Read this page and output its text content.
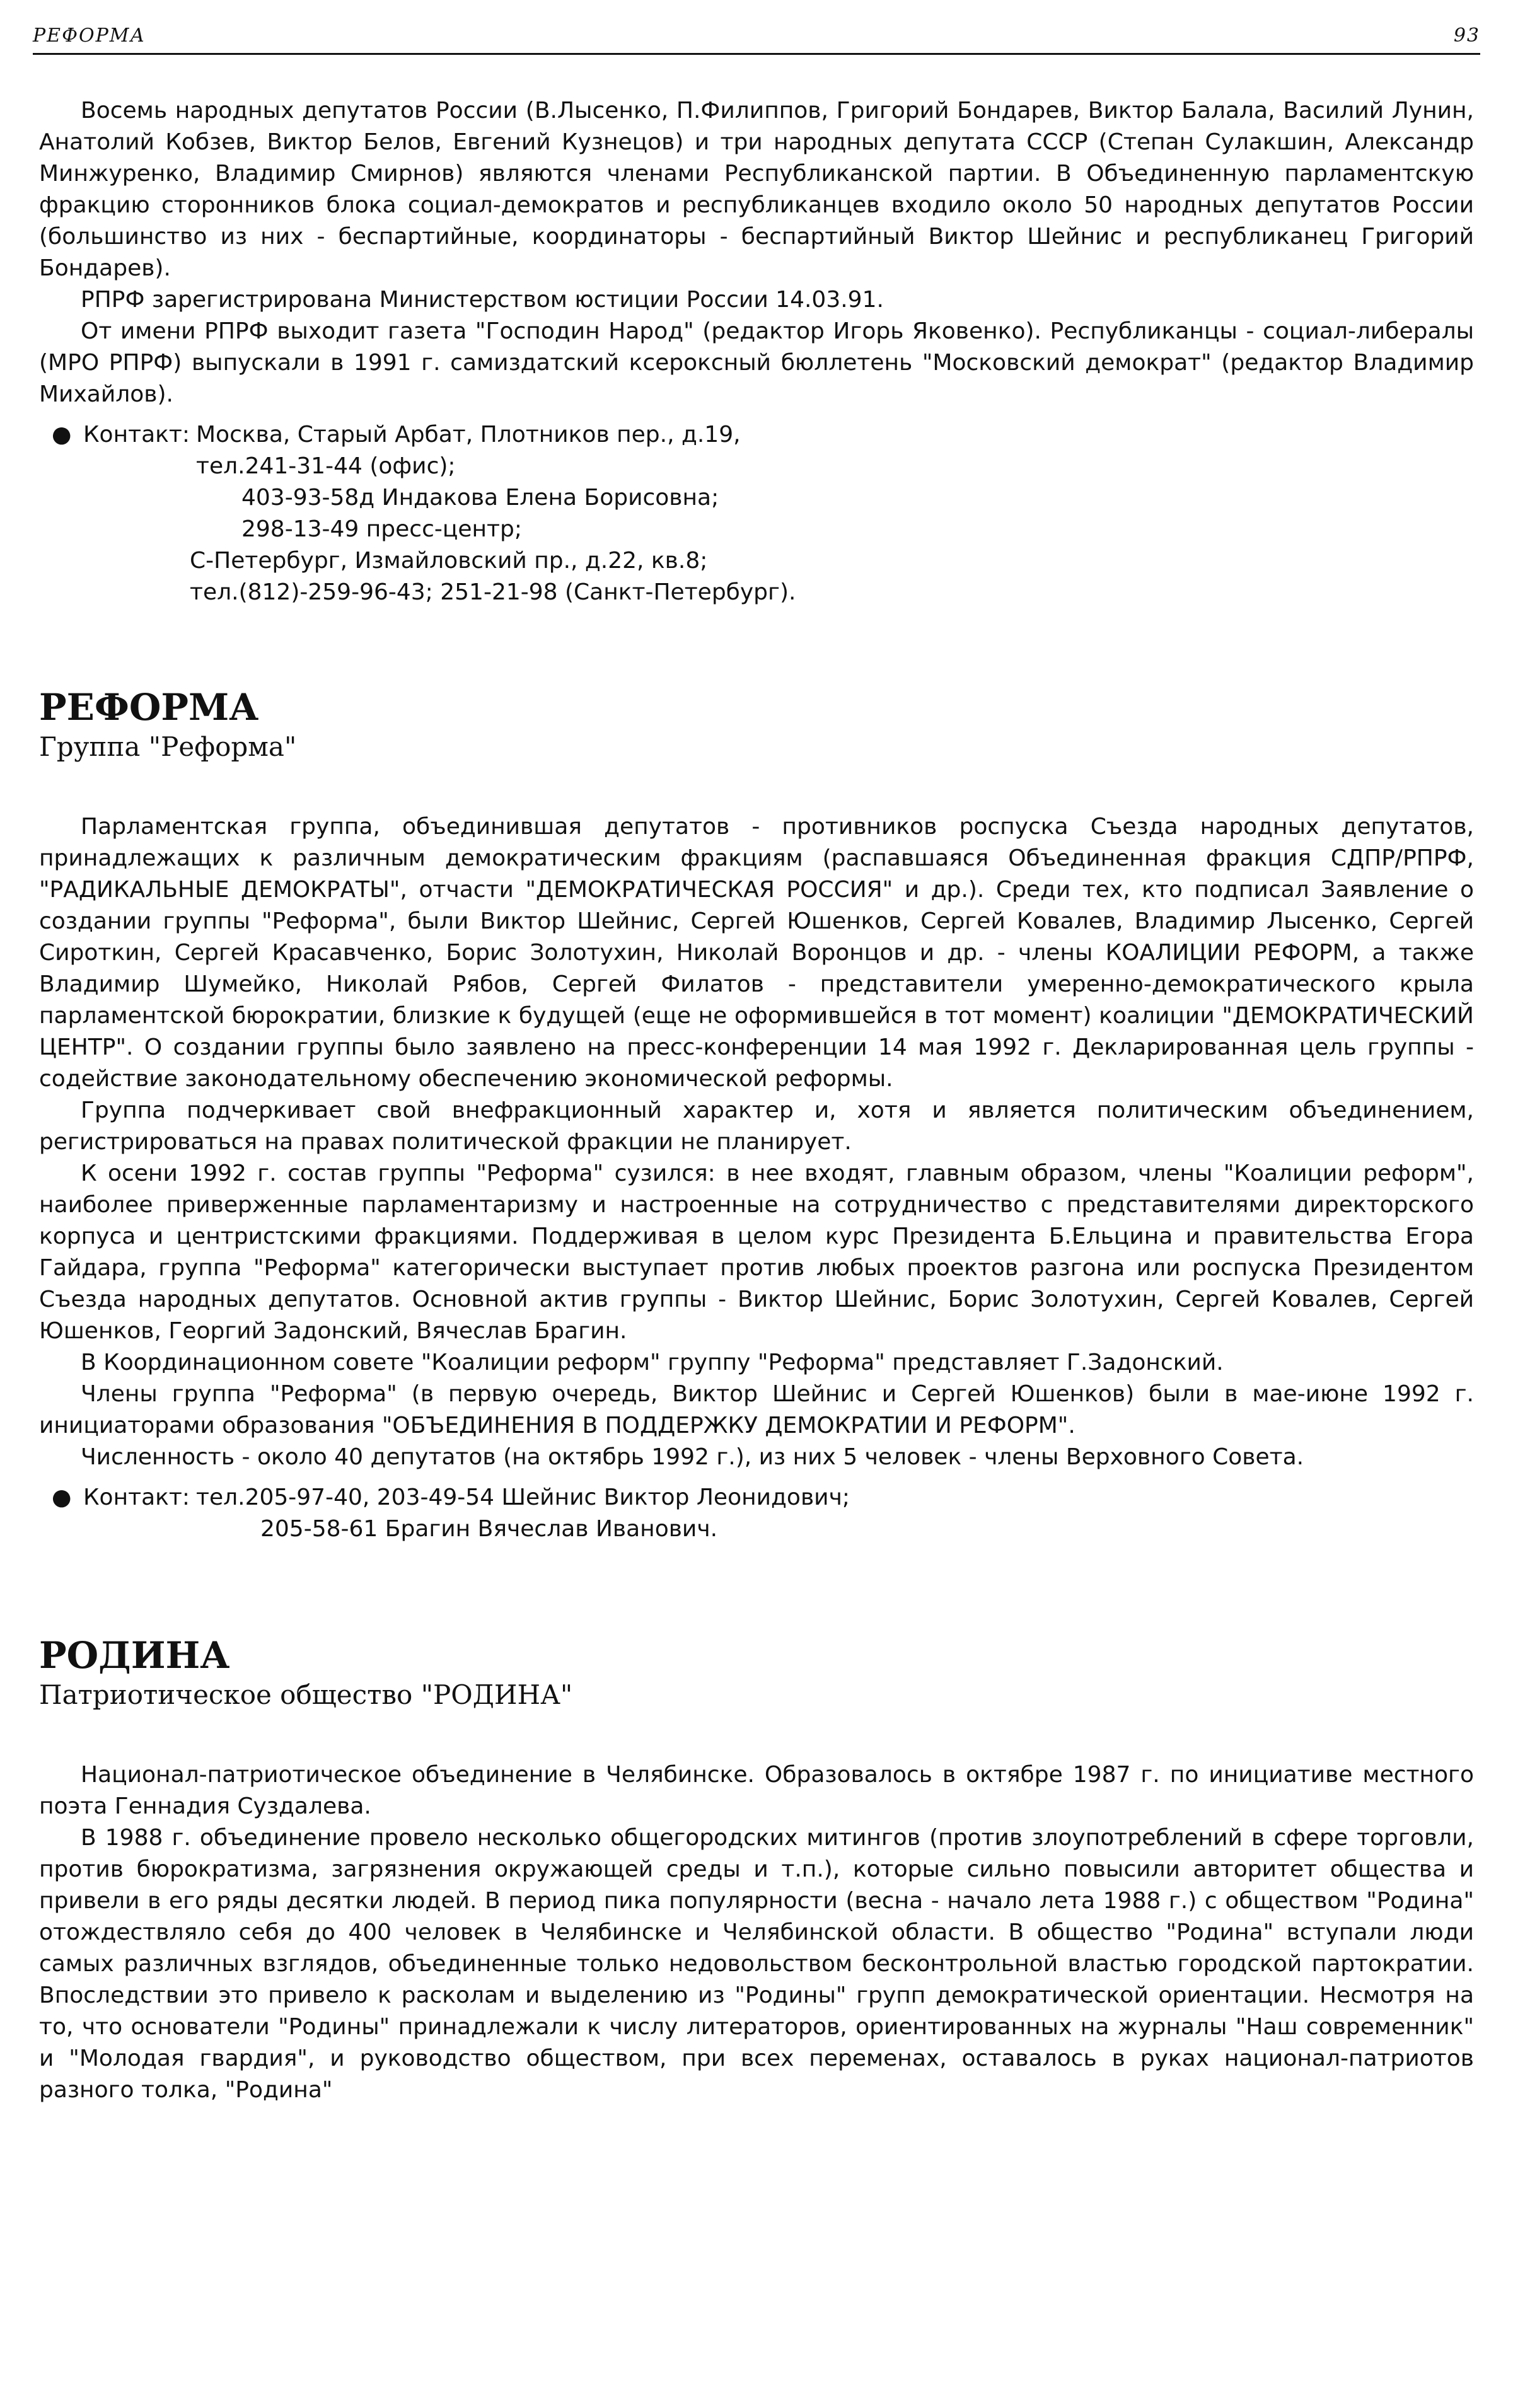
РЕФОРМА	93

Восемь народных депутатов России (В.Лысенко, П.Филиппов, Григорий Бондарев, Виктор Балала, Василий Лунин, Анатолий Кобзев, Виктор Белов, Евгений Кузнецов) и три народных депутата СССР (Степан Сулакшин, Александр Минжуренко, Владимир Смирнов) являются членами Республиканской партии. В Объединенную парламентскую фракцию сторонников блока социал-демократов и республиканцев входило около 50 народных депутатов России (большинство из них - беспартийные, координаторы - беспартийный Виктор Шейнис и республиканец Григорий Бондарев).

РПРФ зарегистрирована Министерством юстиции России 14.03.91.

От имени РПРФ выходит газета "Господин Народ" (редактор Игорь Яковенко). Республиканцы - социал-либералы (МРО РПРФ) выпускали в 1991 г. самиздатский ксероксный бюллетень "Московский демократ" (редактор Владимир Михайлов).

● Контакт: Москва, Старый Арбат, Плотников пер., д.19,
тел.241-31-44 (офис);
403-93-58д Индакова Елена Борисовна;
298-13-49 пресс-центр;
С-Петербург, Измайловский пр., д.22, кв.8;
тел.(812)-259-96-43; 251-21-98 (Санкт-Петербург).
РЕФОРМА
Группа "Реформа"

Парламентская группа, объединившая депутатов - противников роспуска Съезда народных депутатов, принадлежащих к различным демократическим фракциям (распавшаяся Объединенная фракция СДПР/РПРФ, "РАДИКАЛЬНЫЕ ДЕМОКРАТЫ", отчасти "ДЕМОКРАТИЧЕСКАЯ РОССИЯ" и др.). Среди тех, кто подписал Заявление о создании группы "Реформа", были Виктор Шейнис, Сергей Юшенков, Сергей Ковалев, Владимир Лысенко, Сергей Сироткин, Сергей Красавченко, Борис Золотухин, Николай Воронцов и др. - члены КОАЛИЦИИ РЕФОРМ, а также Владимир Шумейко, Николай Рябов, Сергей Филатов - представители умеренно-демократического крыла парламентской бюрократии, близкие к будущей (еще не оформившейся в тот момент) коалиции "ДЕМОКРАТИЧЕСКИЙ ЦЕНТР". О создании группы было заявлено на пресс-конференции 14 мая 1992 г. Декларированная цель группы - содействие законодательному обеспечению экономической реформы.

Группа подчеркивает свой внефракционный характер и, хотя и является политическим объединением, регистрироваться на правах политической фракции не планирует.

К осени 1992 г. состав группы "Реформа" сузился: в нее входят, главным образом, члены "Коалиции реформ", наиболее приверженные парламентаризму и настроенные на сотрудничество с представителями директорского корпуса и центристскими фракциями. Поддерживая в целом курс Президента Б.Ельцина и правительства Егора Гайдара, группа "Реформа" категорически выступает против любых проектов разгона или роспуска Президентом Съезда народных депутатов. Основной актив группы - Виктор Шейнис, Борис Золотухин, Сергей Ковалев, Сергей Юшенков, Георгий Задонский, Вячеслав Брагин.

В Координационном совете "Коалиции реформ" группу "Реформа" представляет Г.Задонский.

Члены группа "Реформа" (в первую очередь, Виктор Шейнис и Сергей Юшенков) были в мае-июне 1992 г. инициаторами образования "ОБЪЕДИНЕНИЯ В ПОДДЕРЖКУ ДЕМОКРАТИИ И РЕФОРМ".

Численность - около 40 депутатов (на октябрь 1992 г.), из них 5 человек - члены Верховного Совета.

● Контакт: тел.205-97-40, 203-49-54 Шейнис Виктор Леонидович;
205-58-61 Брагин Вячеслав Иванович.
РОДИНА
Патриотическое общество "РОДИНА"

Национал-патриотическое объединение в Челябинске. Образовалось в октябре 1987 г. по инициативе местного поэта Геннадия Суздалева.

В 1988 г. объединение провело несколько общегородских митингов (против злоупотреблений в сфере торговли, против бюрократизма, загрязнения окружающей среды и т.п.), которые сильно повысили авторитет общества и привели в его ряды десятки людей. В период пика популярности (весна - начало лета 1988 г.) с обществом "Родина" отождествляло себя до 400 человек в Челябинске и Челябинской области. В общество "Родина" вступали люди самых различных взглядов, объединенные только недовольством бесконтрольной властью городской партократии. Впоследствии это привело к расколам и выделению из "Родины" групп демократической ориентации. Несмотря на то, что основатели "Родины" принадлежали к числу литераторов, ориентированных на журналы "Наш современник" и "Молодая гвардия", и руководство обществом, при всех переменах, оставалось в руках национал-патриотов разного толка, "Родина"
